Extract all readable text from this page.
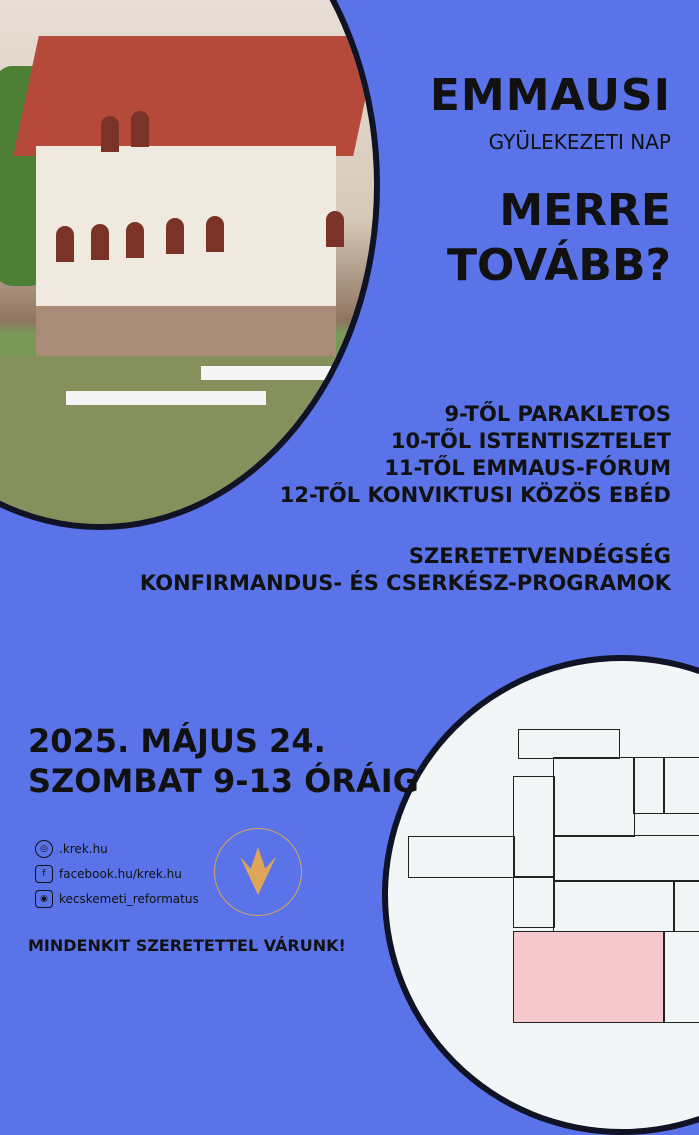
EMMAUSI
GYÜLEKEZETI NAP
MERRE
TOVÁBB?
9-TŐL PARAKLETOS
10-TŐL ISTENTISZTELET
11-TŐL EMMAUS-FÓRUM
12-TŐL KONVIKTUSI KÖZÖS EBÉD
SZERETETVENDÉGSÉG
KONFIRMANDUS- ÉS CSERKÉSZ-PROGRAMOK
2025. MÁJUS 24.
SZOMBAT 9-13 ÓRÁIG
◎ .krek.hu
f	facebook.hu/krek.hu
◉ kecskemeti_reformatus
MINDENKIT SZERETETTEL VÁRUNK!
